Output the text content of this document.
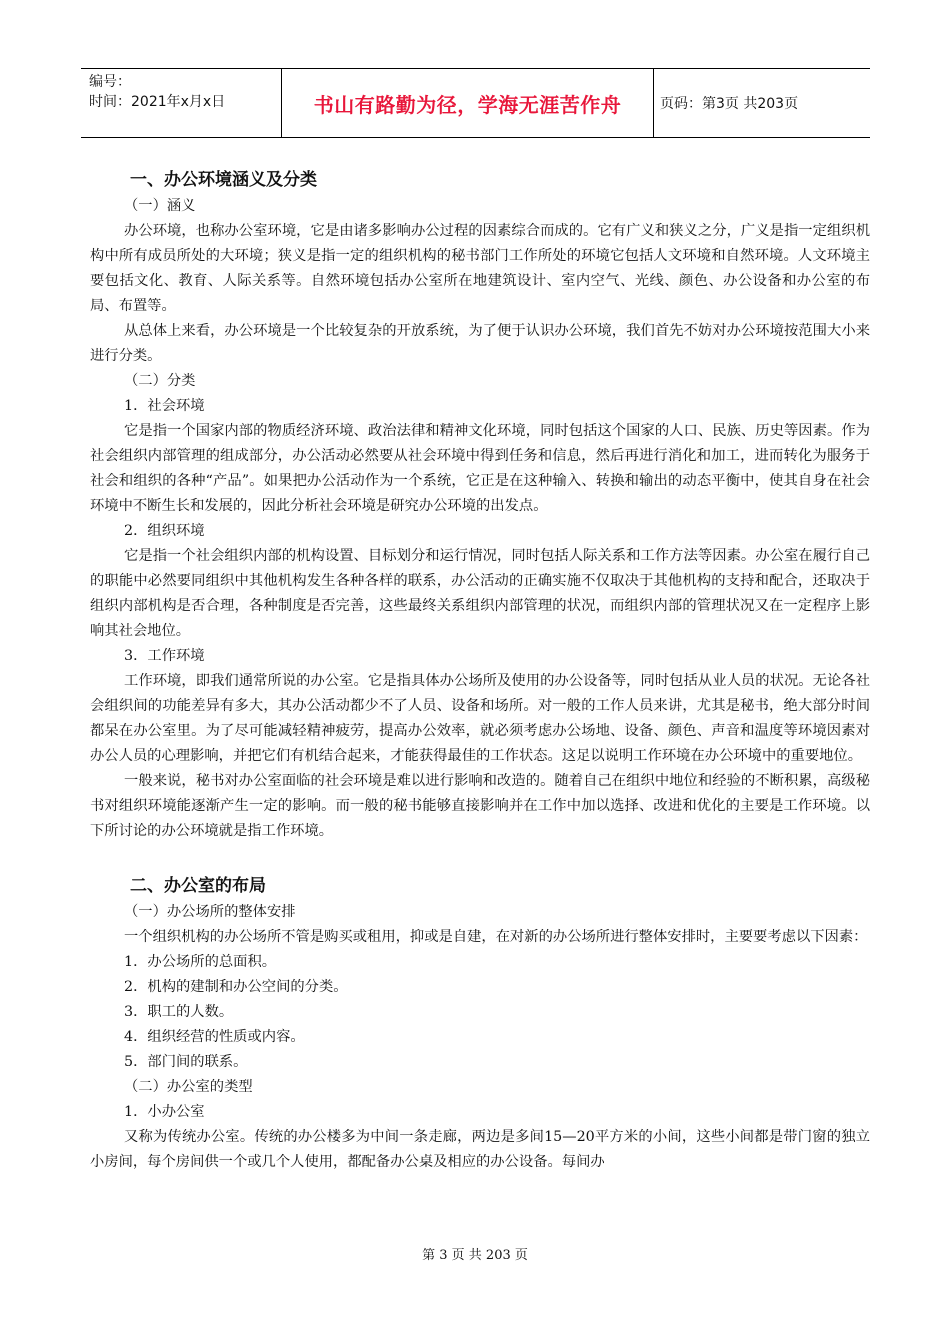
编号：
时间：2021年x月x日	书山有路勤为径，学海无涯苦作舟	页码：第3页 共203页

一、办公环境涵义及分类

（一）涵义

办公环境，也称办公室环境，它是由诸多影响办公过程的因素综合而成的。它有广义和狭义之分，广义是指一定组织机构中所有成员所处的大环境；狭义是指一定的组织机构的秘书部门工作所处的环境它包括人文环境和自然环境。人文环境主要包括文化、教育、人际关系等。自然环境包括办公室所在地建筑设计、室内空气、光线、颜色、办公设备和办公室的布局、布置等。

从总体上来看，办公环境是一个比较复杂的开放系统，为了便于认识办公环境，我们首先不妨对办公环境按范围大小来进行分类。

（二）分类

1．社会环境

它是指一个国家内部的物质经济环境、政治法律和精神文化环境，同时包括这个国家的人口、民族、历史等因素。作为社会组织内部管理的组成部分，办公活动必然要从社会环境中得到任务和信息，然后再进行消化和加工，进而转化为服务于社会和组织的各种“产品”。如果把办公活动作为一个系统，它正是在这种输入、转换和输出的动态平衡中，使其自身在社会环境中不断生长和发展的，因此分析社会环境是研究办公环境的出发点。

2．组织环境

它是指一个社会组织内部的机构设置、目标划分和运行情况，同时包括人际关系和工作方法等因素。办公室在履行自己的职能中必然要同组织中其他机构发生各种各样的联系，办公活动的正确实施不仅取决于其他机构的支持和配合，还取决于组织内部机构是否合理，各种制度是否完善，这些最终关系组织内部管理的状况，而组织内部的管理状况又在一定程序上影响其社会地位。

3．工作环境

工作环境，即我们通常所说的办公室。它是指具体办公场所及使用的办公设备等，同时包括从业人员的状况。无论各社会组织间的功能差异有多大，其办公活动都少不了人员、设备和场所。对一般的工作人员来讲，尤其是秘书，绝大部分时间都呆在办公室里。为了尽可能减轻精神疲劳，提高办公效率，就必须考虑办公场地、设备、颜色、声音和温度等环境因素对办公人员的心理影响，并把它们有机结合起来，才能获得最佳的工作状态。这足以说明工作环境在办公环境中的重要地位。

一般来说，秘书对办公室面临的社会环境是难以进行影响和改造的。随着自己在组织中地位和经验的不断积累，高级秘书对组织环境能逐渐产生一定的影响。而一般的秘书能够直接影响并在工作中加以选择、改进和优化的主要是工作环境。以下所讨论的办公环境就是指工作环境。

二、办公室的布局

（一）办公场所的整体安排

一个组织机构的办公场所不管是购买或租用，抑或是自建，在对新的办公场所进行整体安排时，主要要考虑以下因素：

1．办公场所的总面积。

2．机构的建制和办公空间的分类。

3．职工的人数。

4．组织经营的性质或内容。

5．部门间的联系。

（二）办公室的类型

1．小办公室

又称为传统办公室。传统的办公楼多为中间一条走廊，两边是多间15—20平方米的小间，这些小间都是带门窗的独立小房间，每个房间供一个或几个人使用，都配备办公桌及相应的办公设备。每间办

第 3 页 共 203 页
